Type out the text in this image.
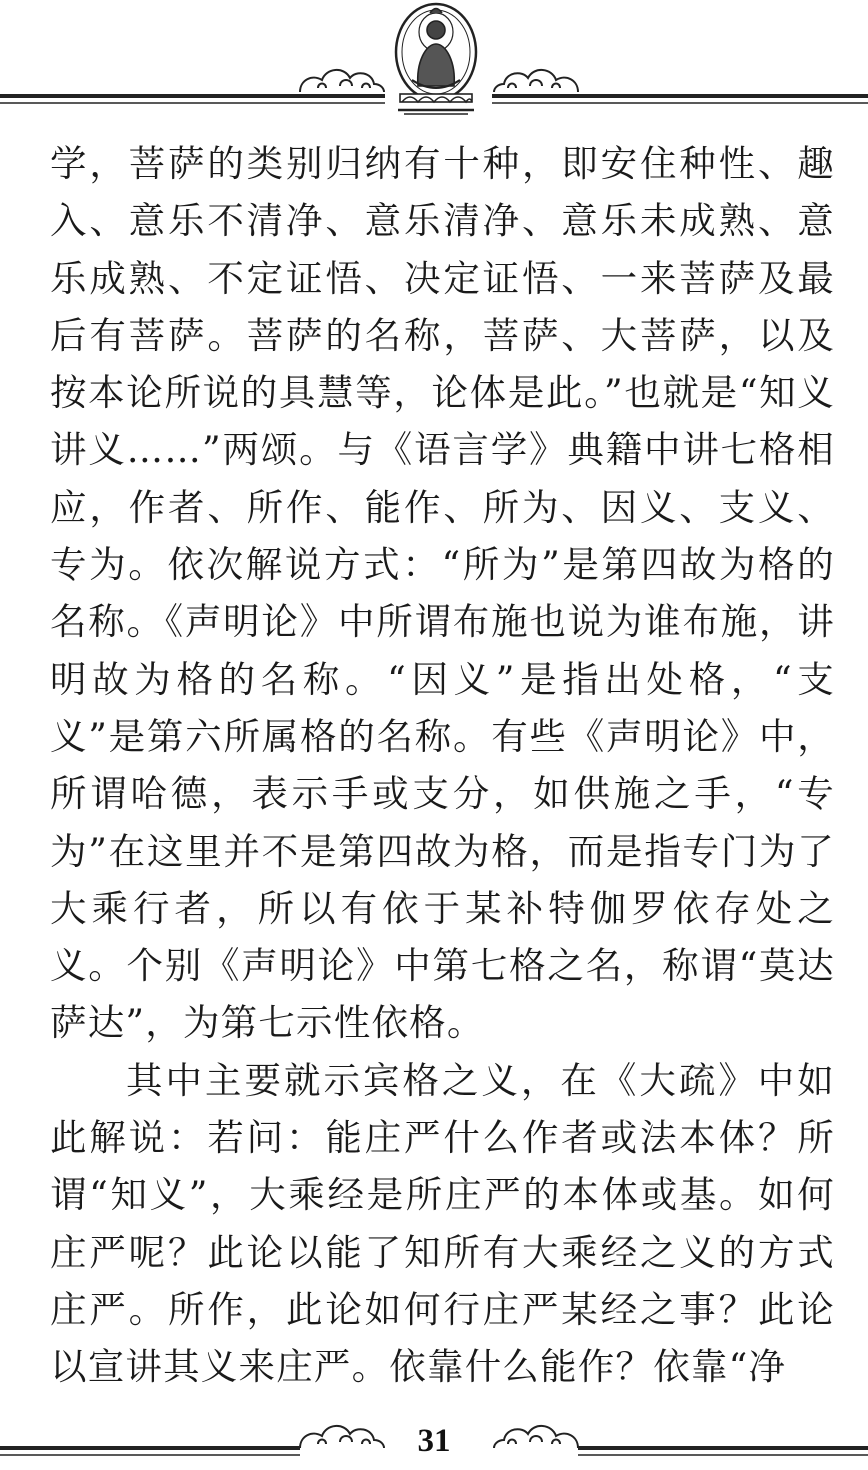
学，菩萨的类别归纳有十种，即安住种性、趣入、意乐不清净、意乐清净、意乐未成熟、意乐成熟、不定证悟、决定证悟、一来菩萨及最后有菩萨。菩萨的名称，菩萨、大菩萨，以及按本论所说的具慧等，论体是此。”也就是“知义讲义……”两颂。与《语言学》典籍中讲七格相应，作者、所作、能作、所为、因义、支义、专为。依次解说方式：“所为”是第四故为格的名称。《声明论》中所谓布施也说为谁布施，讲明故为格的名称。“因义”是指出处格，“支义”是第六所属格的名称。有些《声明论》中，所谓哈德，表示手或支分，如供施之手，“专为”在这里并不是第四故为格，而是指专门为了大乘行者，所以有依于某补特伽罗依存处之义。个别《声明论》中第七格之名，称谓“莫达萨达”，为第七示性依格。

其中主要就示宾格之义，在《大疏》中如此解说：若问：能庄严什么作者或法本体？所谓“知义”，大乘经是所庄严的本体或基。如何庄严呢？此论以能了知所有大乘经之义的方式庄严。所作，此论如何行庄严某经之事？此论以宣讲其义来庄严。依靠什么能作？依靠“净

31
